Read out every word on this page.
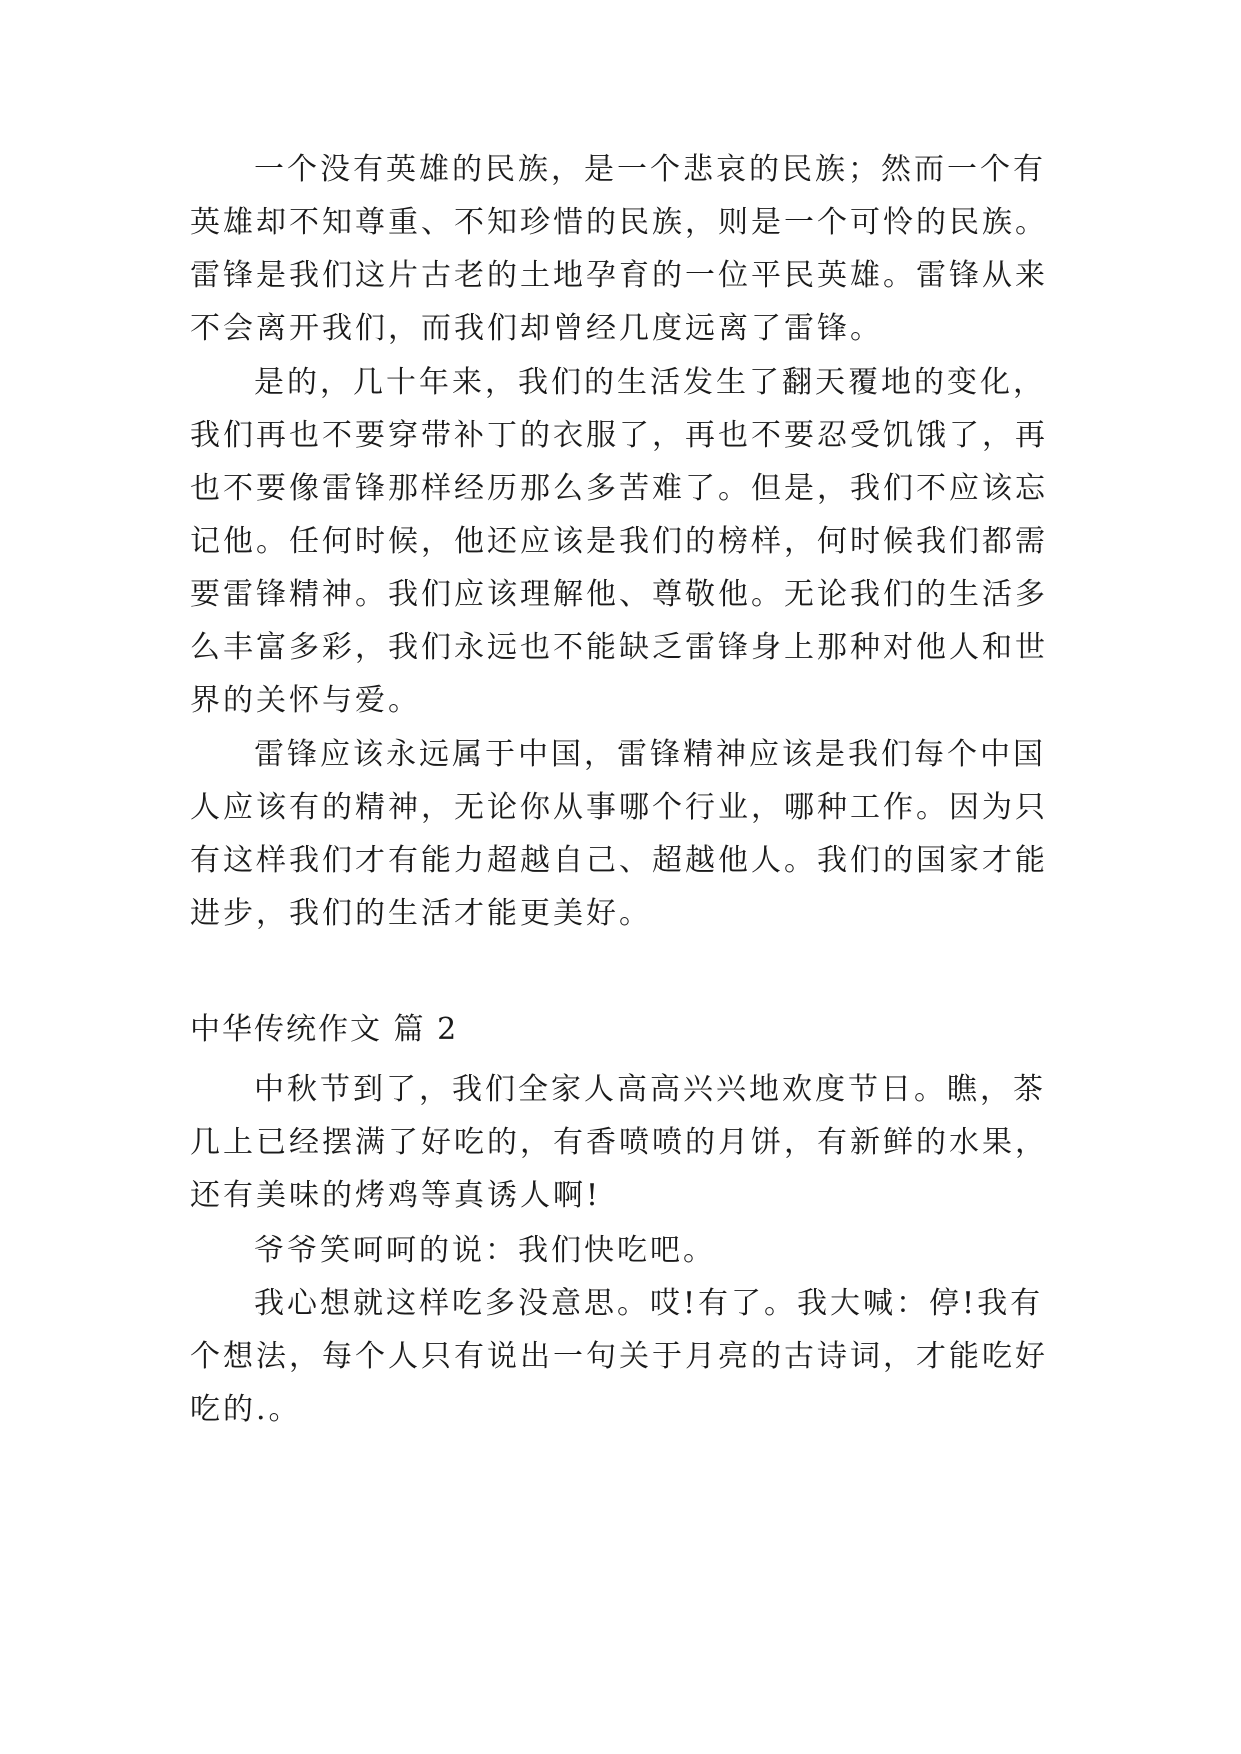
一个没有英雄的民族，是一个悲哀的民族；然而一个有
英雄却不知尊重、不知珍惜的民族，则是一个可怜的民族。
雷锋是我们这片古老的土地孕育的一位平民英雄。雷锋从来
不会离开我们，而我们却曾经几度远离了雷锋。
是的，几十年来，我们的生活发生了翻天覆地的变化，
我们再也不要穿带补丁的衣服了，再也不要忍受饥饿了，再
也不要像雷锋那样经历那么多苦难了。但是，我们不应该忘
记他。任何时候，他还应该是我们的榜样，何时候我们都需
要雷锋精神。我们应该理解他、尊敬他。无论我们的生活多
么丰富多彩，我们永远也不能缺乏雷锋身上那种对他人和世
界的关怀与爱。
雷锋应该永远属于中国，雷锋精神应该是我们每个中国
人应该有的精神，无论你从事哪个行业，哪种工作。因为只
有这样我们才有能力超越自己、超越他人。我们的国家才能
进步，我们的生活才能更美好。
中华传统作文 篇 2
中秋节到了，我们全家人高高兴兴地欢度节日。瞧，茶
几上已经摆满了好吃的，有香喷喷的月饼，有新鲜的水果，
还有美味的烤鸡等真诱人啊!
爷爷笑呵呵的说：我们快吃吧。
我心想就这样吃多没意思。哎!有了。我大喊：停!我有
个想法，每个人只有说出一句关于月亮的古诗词，才能吃好
吃的.。
